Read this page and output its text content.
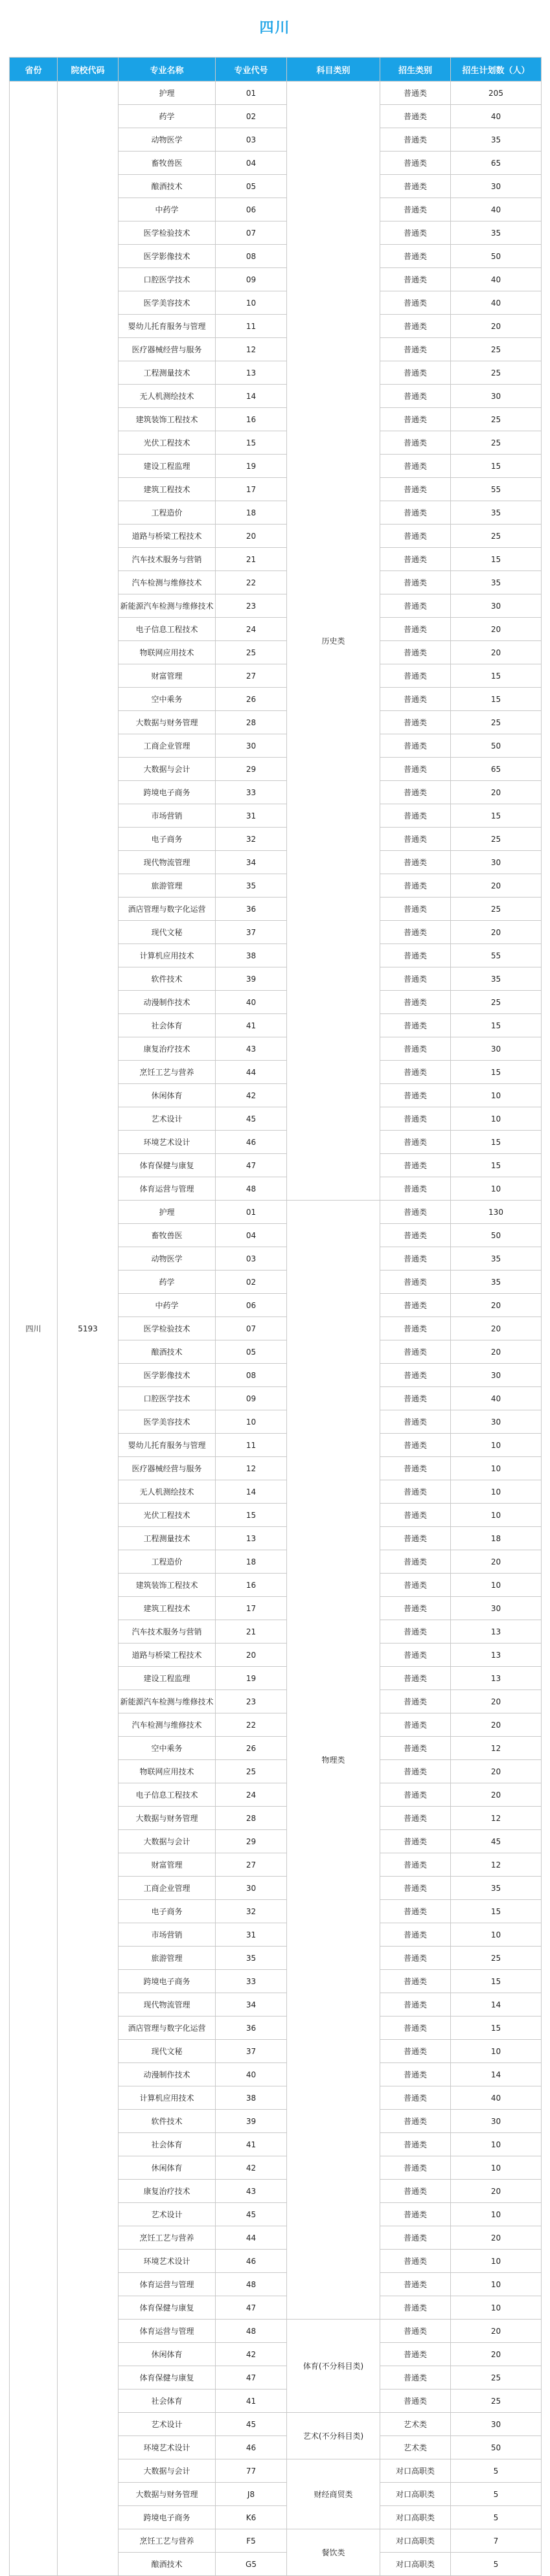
四川
省份	院校代码	专业名称	专业代号	科目类别	招生类别	招生计划数（人）
四川	5193	护理	01	历史类	普通类	205
		药学	02		普通类	40
		动物医学	03		普通类	35
		畜牧兽医	04		普通类	65
		酿酒技术	05		普通类	30
		中药学	06		普通类	40
		医学检验技术	07		普通类	35
		医学影像技术	08		普通类	50
		口腔医学技术	09		普通类	40
		医学美容技术	10		普通类	40
		婴幼儿托育服务与管理	11		普通类	20
		医疗器械经营与服务	12		普通类	25
		工程测量技术	13		普通类	25
		无人机测绘技术	14		普通类	30
		建筑装饰工程技术	16		普通类	25
		光伏工程技术	15		普通类	25
		建设工程监理	19		普通类	15
		建筑工程技术	17		普通类	55
		工程造价	18		普通类	35
		道路与桥梁工程技术	20		普通类	25
		汽车技术服务与营销	21		普通类	15
		汽车检测与维修技术	22		普通类	35
		新能源汽车检测与维修技术	23		普通类	30
		电子信息工程技术	24		普通类	20
		物联网应用技术	25		普通类	20
		财富管理	27		普通类	15
		空中乘务	26		普通类	15
		大数据与财务管理	28		普通类	25
		工商企业管理	30		普通类	50
		大数据与会计	29		普通类	65
		跨境电子商务	33		普通类	20
		市场营销	31		普通类	15
		电子商务	32		普通类	25
		现代物流管理	34		普通类	30
		旅游管理	35		普通类	20
		酒店管理与数字化运营	36		普通类	25
		现代文秘	37		普通类	20
		计算机应用技术	38		普通类	55
		软件技术	39		普通类	35
		动漫制作技术	40		普通类	25
		社会体育	41		普通类	15
		康复治疗技术	43		普通类	30
		烹饪工艺与营养	44		普通类	15
		休闲体育	42		普通类	10
		艺术设计	45		普通类	10
		环境艺术设计	46		普通类	15
		体育保健与康复	47		普通类	15
		体育运营与管理	48		普通类	10
		护理	01	物理类	普通类	130
		畜牧兽医	04		普通类	50
		动物医学	03		普通类	35
		药学	02		普通类	35
		中药学	06		普通类	20
		医学检验技术	07		普通类	20
		酿酒技术	05		普通类	20
		医学影像技术	08		普通类	30
		口腔医学技术	09		普通类	40
		医学美容技术	10		普通类	30
		婴幼儿托育服务与管理	11		普通类	10
		医疗器械经营与服务	12		普通类	10
		无人机测绘技术	14		普通类	10
		光伏工程技术	15		普通类	10
		工程测量技术	13		普通类	18
		工程造价	18		普通类	20
		建筑装饰工程技术	16		普通类	10
		建筑工程技术	17		普通类	30
		汽车技术服务与营销	21		普通类	13
		道路与桥梁工程技术	20		普通类	13
		建设工程监理	19		普通类	13
		新能源汽车检测与维修技术	23		普通类	20
		汽车检测与维修技术	22		普通类	20
		空中乘务	26		普通类	12
		物联网应用技术	25		普通类	20
		电子信息工程技术	24		普通类	20
		大数据与财务管理	28		普通类	12
		大数据与会计	29		普通类	45
		财富管理	27		普通类	12
		工商企业管理	30		普通类	35
		电子商务	32		普通类	15
		市场营销	31		普通类	10
		旅游管理	35		普通类	25
		跨境电子商务	33		普通类	15
		现代物流管理	34		普通类	14
		酒店管理与数字化运营	36		普通类	15
		现代文秘	37		普通类	10
		动漫制作技术	40		普通类	14
		计算机应用技术	38		普通类	40
		软件技术	39		普通类	30
		社会体育	41		普通类	10
		休闲体育	42		普通类	10
		康复治疗技术	43		普通类	20
		艺术设计	45		普通类	10
		烹饪工艺与营养	44		普通类	20
		环境艺术设计	46		普通类	10
		体育运营与管理	48		普通类	10
		体育保健与康复	47		普通类	10
		体育运营与管理	48	体育(不分科目类)	普通类	20
		休闲体育	42		普通类	20
		体育保健与康复	47		普通类	25
		社会体育	41		普通类	25
		艺术设计	45	艺术(不分科目类)	艺术类	30
		环境艺术设计	46		艺术类	50
		大数据与会计	77	财经商贸类	对口高职类	5
		大数据与财务管理	J8		对口高职类	5
		跨境电子商务	K6		对口高职类	5
		烹饪工艺与营养	F5	餐饮类	对口高职类	7
		酿酒技术	G5		对口高职类	5
